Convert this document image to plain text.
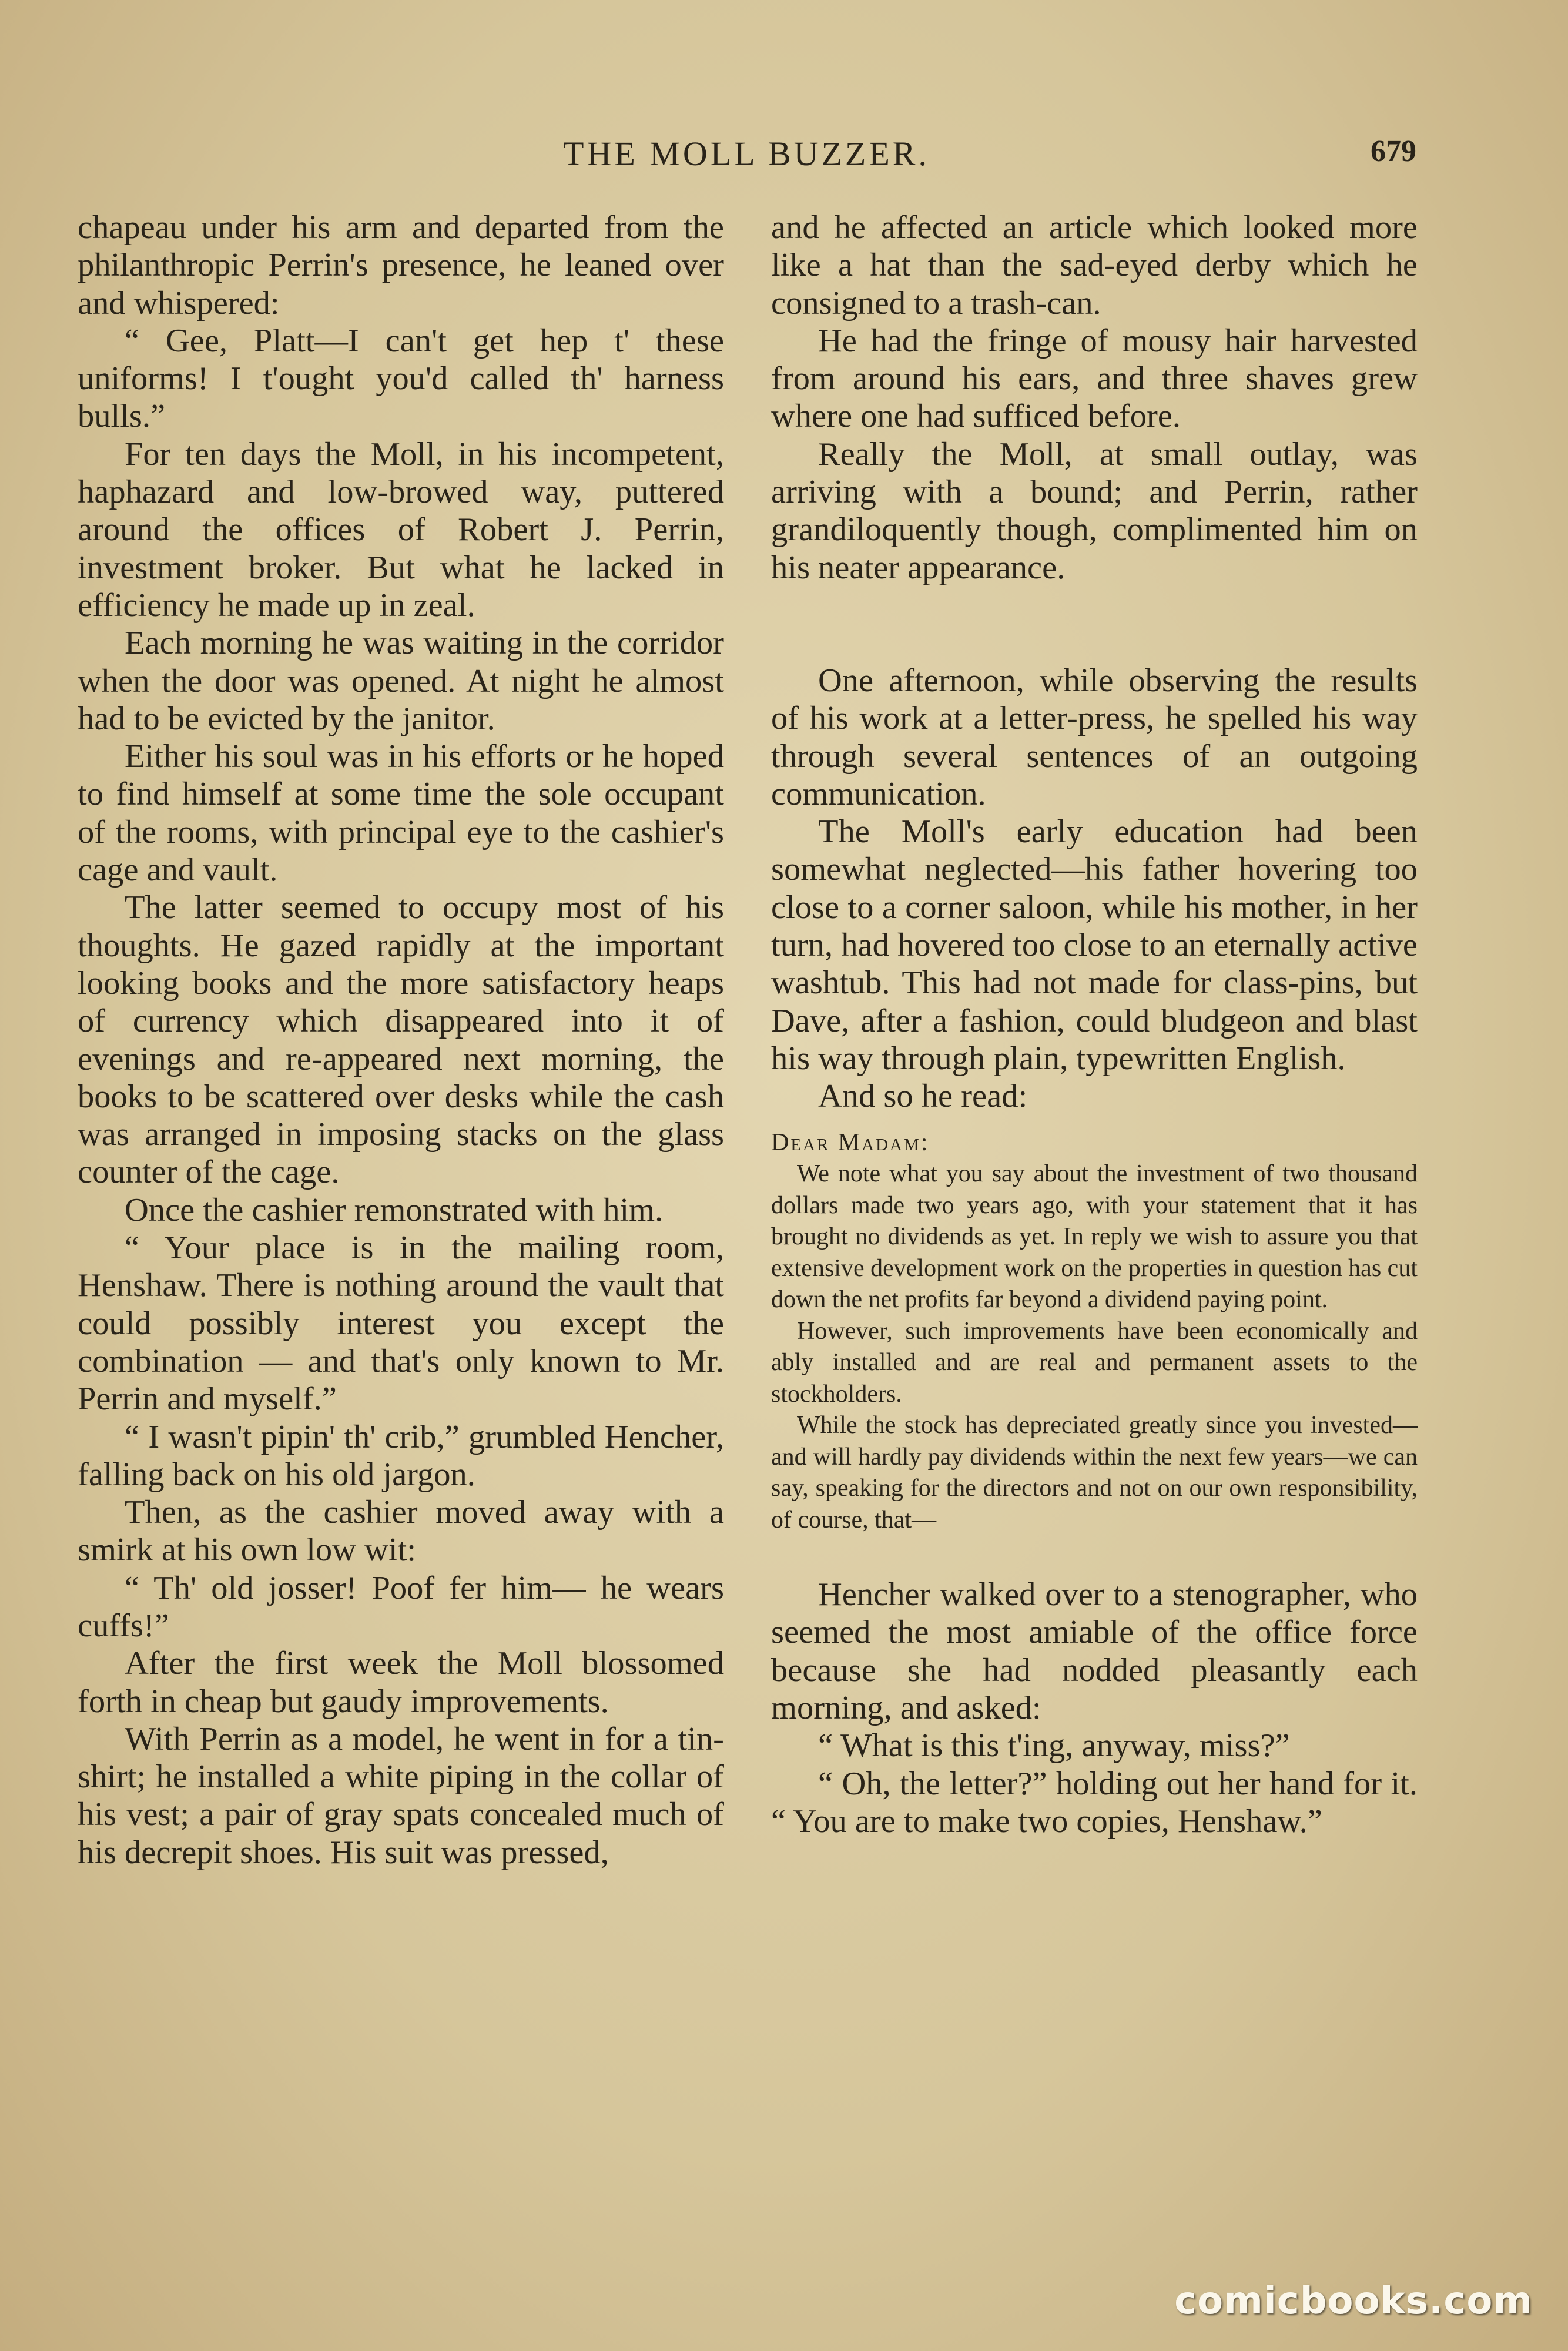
THE MOLL BUZZER.	679

chapeau under his arm and departed from the philanthropic Perrin's presence, he leaned over and whispered:

“ Gee, Platt—I can't get hep t' these uniforms! I t'ought you'd called th' harness bulls.”

For ten days the Moll, in his incompetent, haphazard and low-browed way, puttered around the offices of Robert J. Perrin, investment broker. But what he lacked in efficiency he made up in zeal.

Each morning he was waiting in the corridor when the door was opened. At night he almost had to be evicted by the janitor.

Either his soul was in his efforts or he hoped to find himself at some time the sole occupant of the rooms, with principal eye to the cashier's cage and vault.

The latter seemed to occupy most of his thoughts. He gazed rapidly at the important looking books and the more satisfactory heaps of currency which disappeared into it of evenings and re-appeared next morning, the books to be scattered over desks while the cash was arranged in imposing stacks on the glass counter of the cage.

Once the cashier remonstrated with him.

“ Your place is in the mailing room, Henshaw. There is nothing around the vault that could possibly interest you except the combination — and that's only known to Mr. Perrin and myself.”

“ I wasn't pipin' th' crib,” grumbled Hencher, falling back on his old jargon.

Then, as the cashier moved away with a smirk at his own low wit:

“ Th' old josser! Poof fer him— he wears cuffs!”

After the first week the Moll blossomed forth in cheap but gaudy improvements.

With Perrin as a model, he went in for a tin-shirt; he installed a white piping in the collar of his vest; a pair of gray spats concealed much of his decrepit shoes. His suit was pressed,

and he affected an article which looked more like a hat than the sad-eyed derby which he consigned to a trash-can.

He had the fringe of mousy hair harvested from around his ears, and three shaves grew where one had sufficed before.

Really the Moll, at small outlay, was arriving with a bound; and Perrin, rather grandiloquently though, complimented him on his neater appearance.

One afternoon, while observing the results of his work at a letter-press, he spelled his way through several sentences of an outgoing communication.

The Moll's early education had been somewhat neglected—his father hovering too close to a corner saloon, while his mother, in her turn, had hovered too close to an eternally active washtub. This had not made for class-pins, but Dave, after a fashion, could bludgeon and blast his way through plain, typewritten English.

And so he read:

Dear Madam:

We note what you say about the investment of two thousand dollars made two years ago, with your statement that it has brought no dividends as yet. In reply we wish to assure you that extensive development work on the properties in question has cut down the net profits far beyond a dividend paying point.

However, such improvements have been economically and ably installed and are real and permanent assets to the stockholders.

While the stock has depreciated greatly since you invested—and will hardly pay dividends within the next few years—we can say, speaking for the directors and not on our own responsibility, of course, that—

Hencher walked over to a stenographer, who seemed the most amiable of the office force because she had nodded pleasantly each morning, and asked:

“ What is this t'ing, anyway, miss?”

“ Oh, the letter?” holding out her hand for it. “ You are to make two copies, Henshaw.”

comicbooks.com
